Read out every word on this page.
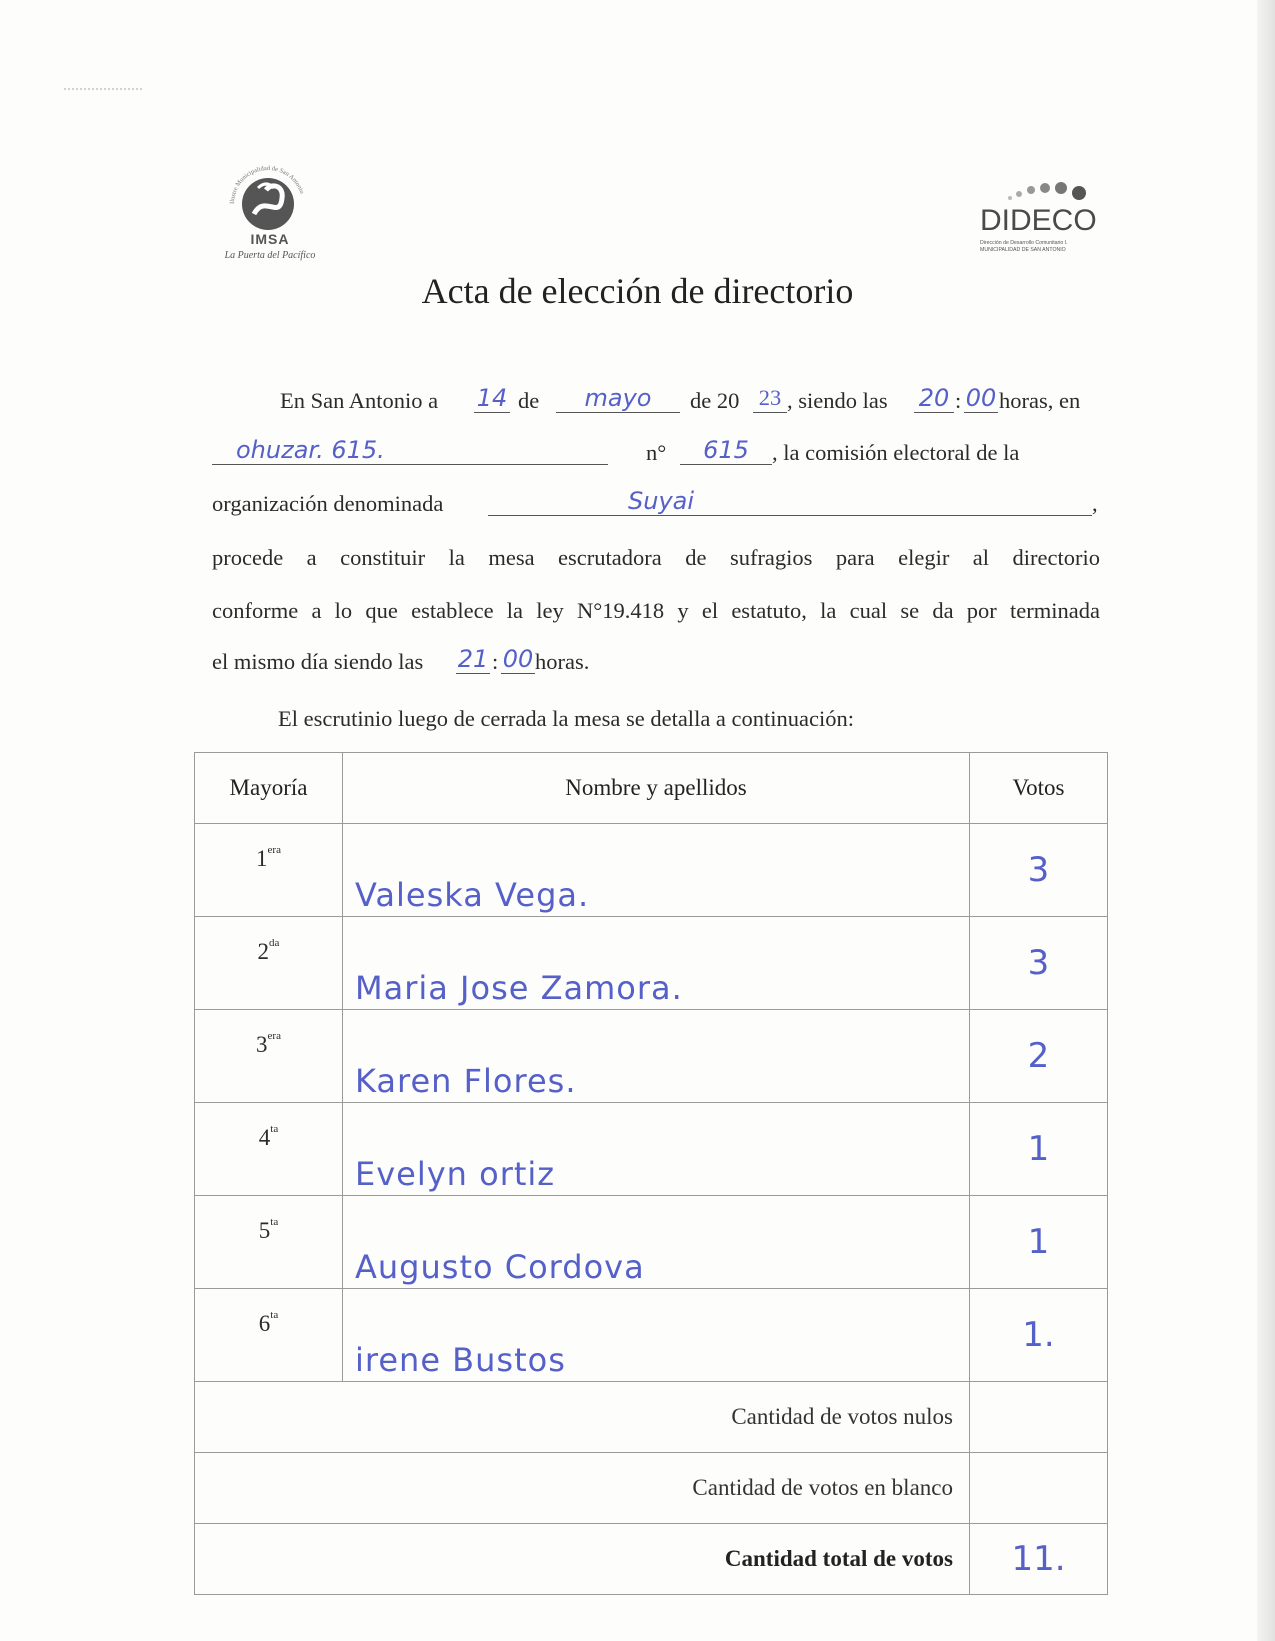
Ilustre Municipalidad de San Antonio
IMSA
La Puerta del Pacífico
DIDECO
Dirección de Desarrollo Comunitario I. MUNICIPALIDAD DE SAN ANTONIO
Acta de elección de directorio
En San Antonio a 14 de	mayo	de 20 23 , siendo las 20 : 00 horas, en
ohuzar. 615.	n°	615	, la comisión electoral de la
organización denominada	Suyai	,
procede a constituir la mesa escrutadora de sufragios para elegir al directorio
conforme a lo que establece la ley N°19.418 y el estatuto, la cual se da por terminada
el mismo día siendo las 21 : 00 horas.
El escrutinio luego de cerrada la mesa se detalla a continuación:
Mayoría	Nombre y apellidos	Votos
$1^{era}$	Valeska Vega.	3
$2^{da}$	Maria Jose Zamora.	3
$3^{era}$	Karen Flores.	2
$4^{ta}$	Evelyn ortiz	1
$5^{ta}$	Augusto Cordova	1
$6^{ta}$	irene Bustos	1.
Cantidad de votos nulos		
Cantidad de votos en blanco		
Cantidad total de votos		11.
